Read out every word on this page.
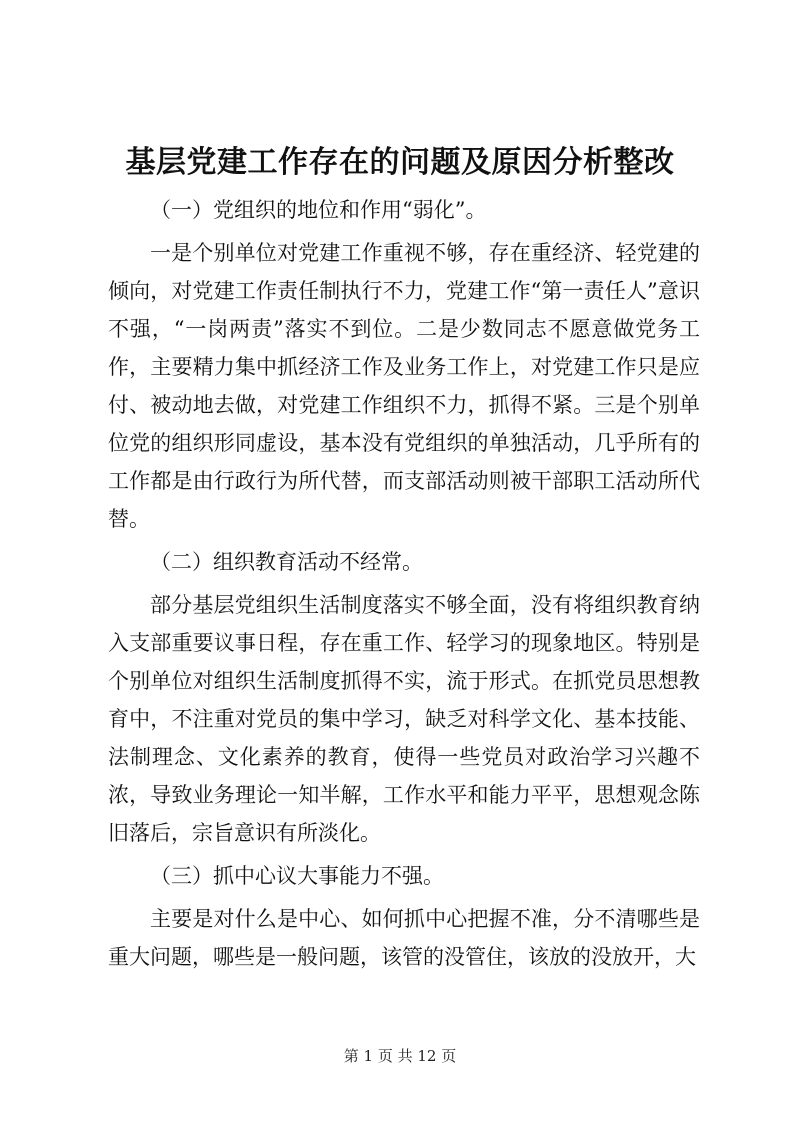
基层党建工作存在的问题及原因分析整改

（一）党组织的地位和作用“弱化”。

一是个别单位对党建工作重视不够，存在重经济、轻党建的倾向，对党建工作责任制执行不力，党建工作“第一责任人”意识不强，“一岗两责”落实不到位。二是少数同志不愿意做党务工作，主要精力集中抓经济工作及业务工作上，对党建工作只是应付、被动地去做，对党建工作组织不力，抓得不紧。三是个别单位党的组织形同虚设，基本没有党组织的单独活动，几乎所有的工作都是由行政行为所代替，而支部活动则被干部职工活动所代替。

（二）组织教育活动不经常。

部分基层党组织生活制度落实不够全面，没有将组织教育纳入支部重要议事日程，存在重工作、轻学习的现象地区。特别是个别单位对组织生活制度抓得不实，流于形式。在抓党员思想教育中，不注重对党员的集中学习，缺乏对科学文化、基本技能、法制理念、文化素养的教育，使得一些党员对政治学习兴趣不浓，导致业务理论一知半解，工作水平和能力平平，思想观念陈旧落后，宗旨意识有所淡化。

（三）抓中心议大事能力不强。

主要是对什么是中心、如何抓中心把握不准，分不清哪些是重大问题，哪些是一般问题，该管的没管住，该放的没放开，大

第 1 页 共 12 页
